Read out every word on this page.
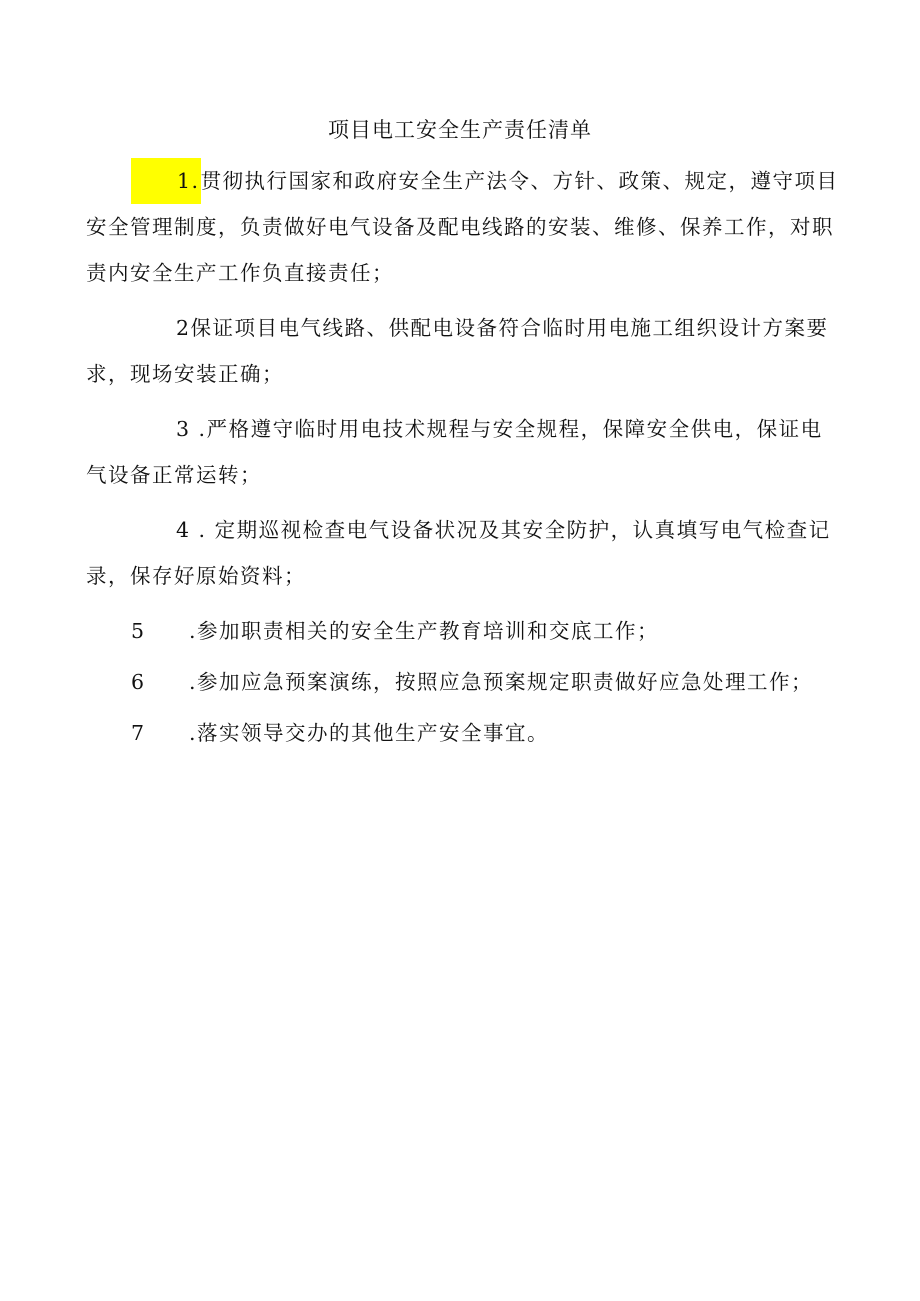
项目电工安全生产责任清单

1.贯彻执行国家和政府安全生产法令、方针、政策、规定，遵守项目安全管理制度，负责做好电气设备及配电线路的安装、维修、保养工作，对职责内安全生产工作负直接责任；

2保证项目电气线路、供配电设备符合临时用电施工组织设计方案要求，现场安装正确；

3 .严格遵守临时用电技术规程与安全规程，保障安全供电，保证电气设备正常运转；

4 . 定期巡视检查电气设备状况及其安全防护，认真填写电气检查记录，保存好原始资料；

5 .参加职责相关的安全生产教育培训和交底工作；

6 .参加应急预案演练，按照应急预案规定职责做好应急处理工作；

7 .落实领导交办的其他生产安全事宜。
